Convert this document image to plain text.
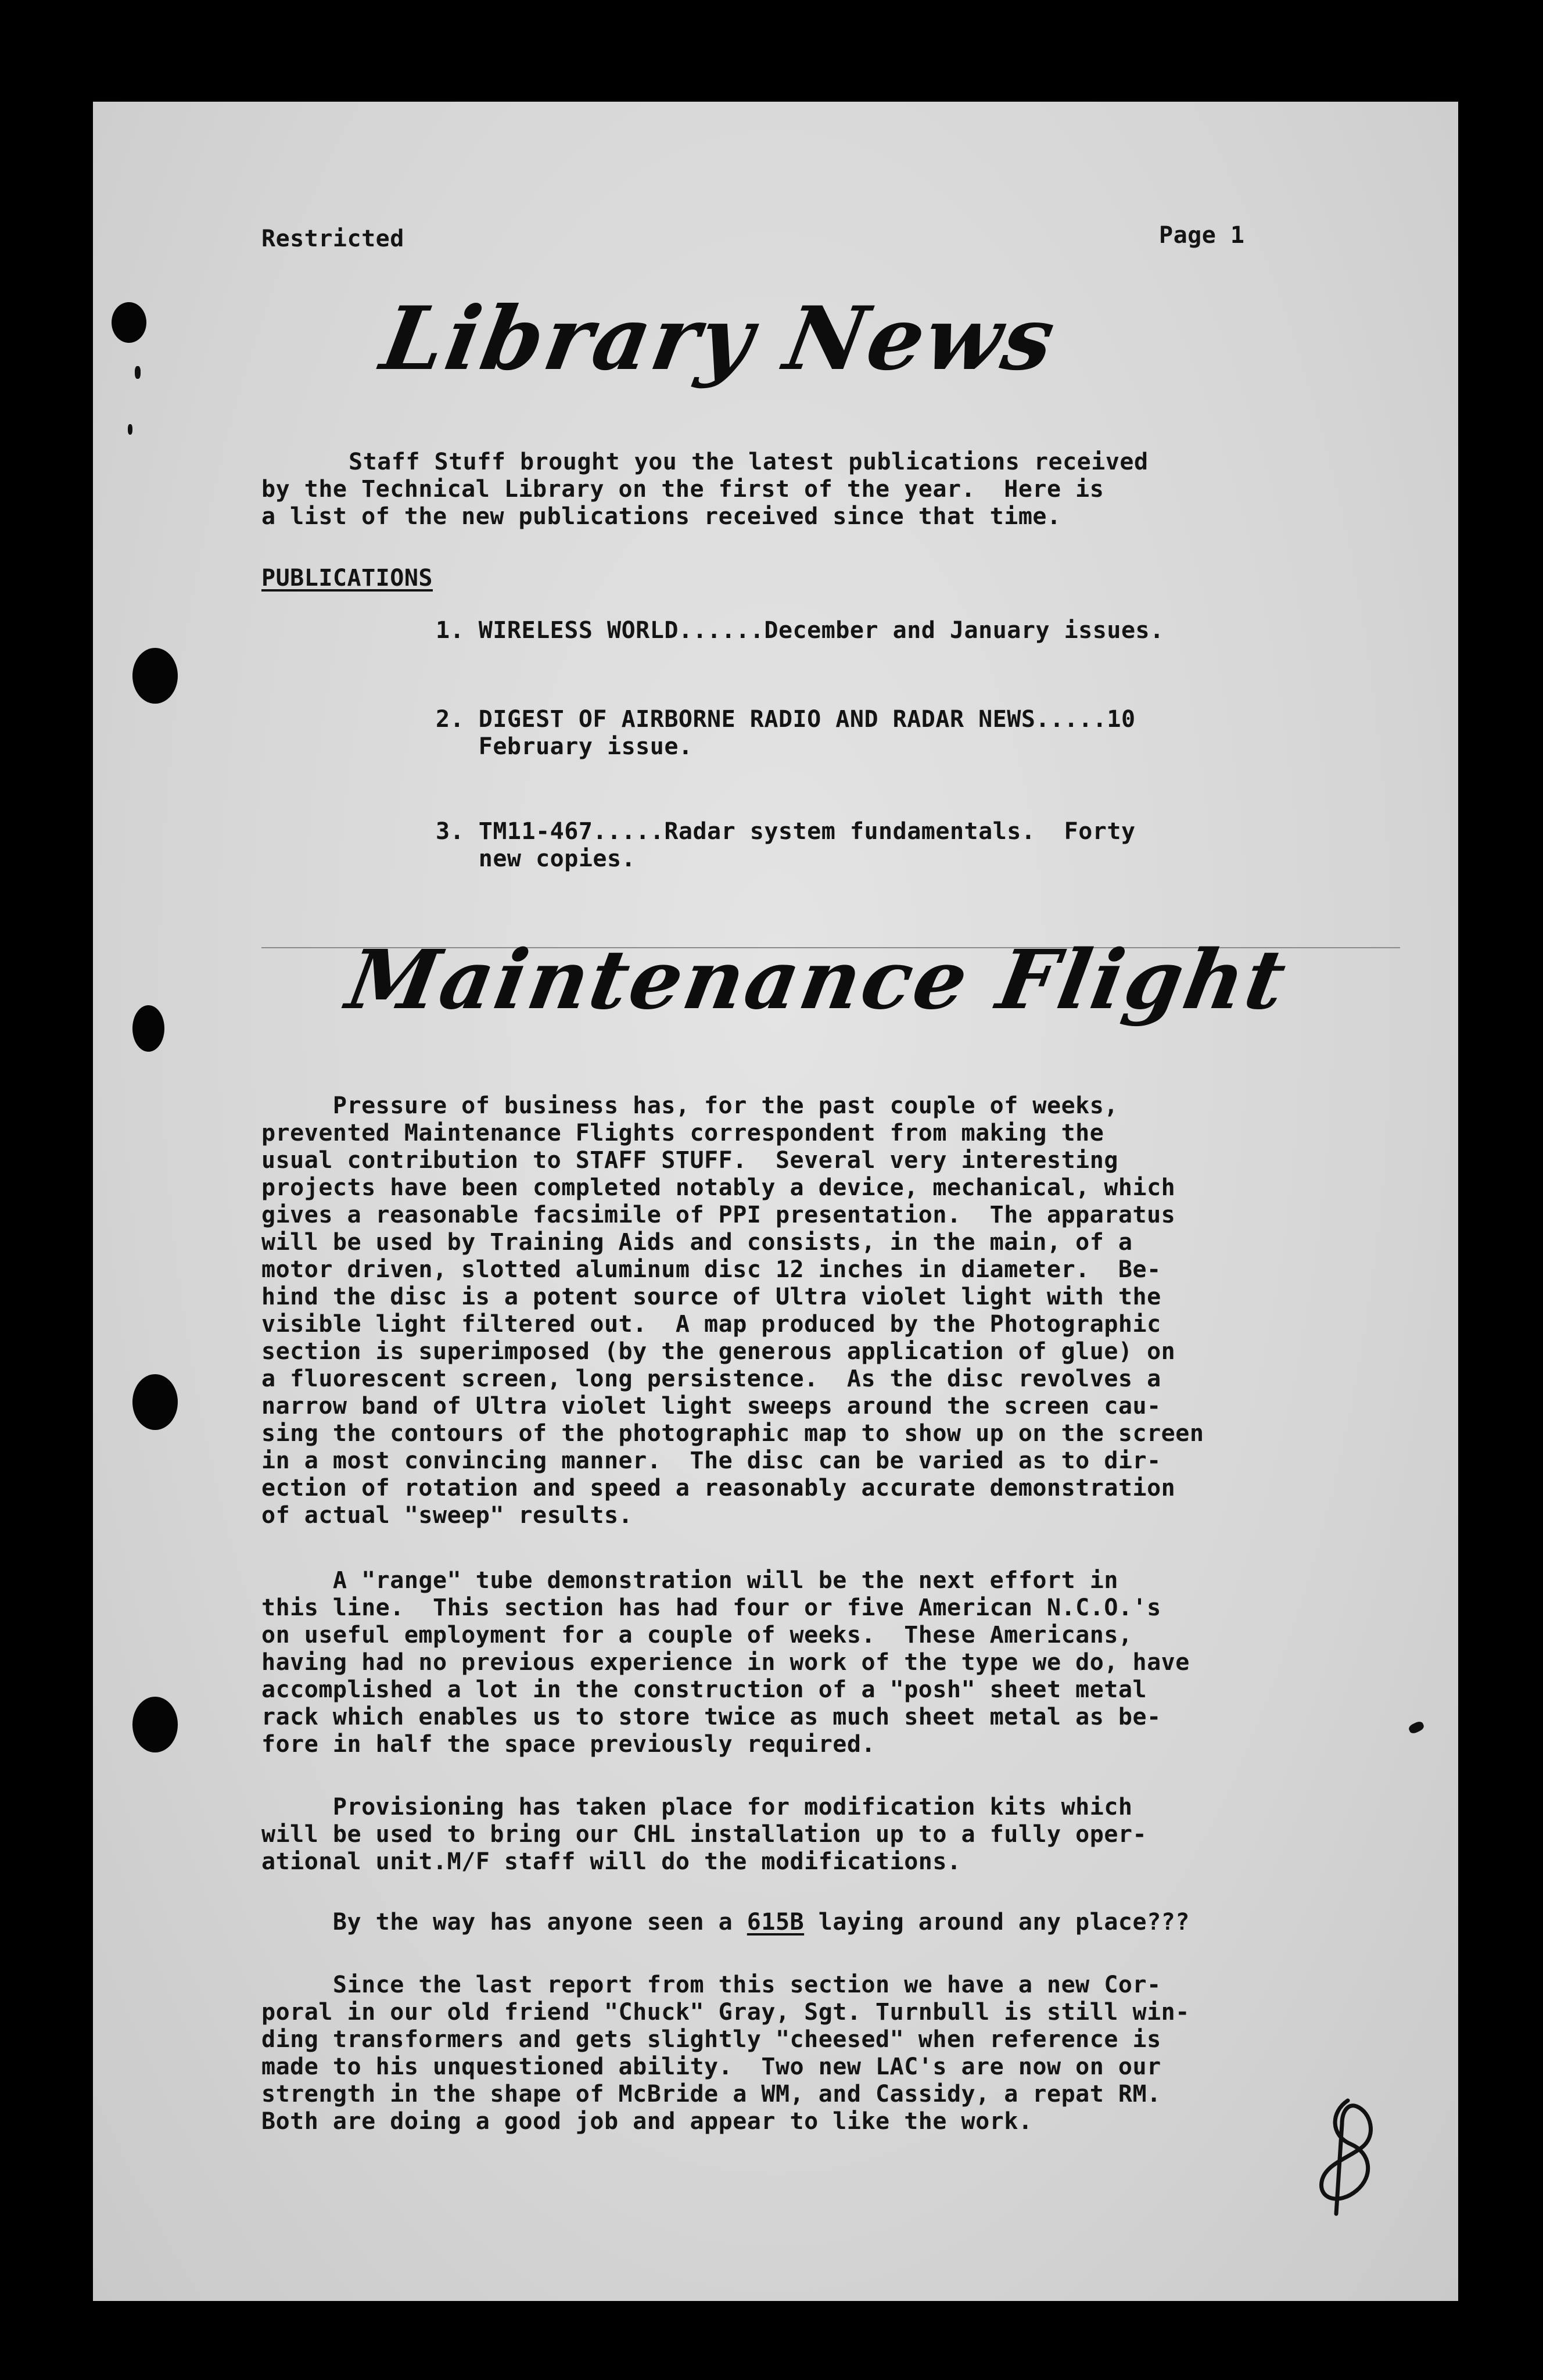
Restricted	Page 1
Library News
Staff Stuff brought you the latest publications received
by the Technical Library on the first of the year.  Here is
a list of the new publications received since that time.
PUBLICATIONS
1. WIRELESS WORLD......December and January issues.
2. DIGEST OF AIRBORNE RADIO AND RADAR NEWS.....10
February issue.
3. TM11-467.....Radar system fundamentals.  Forty
new copies.
Maintenance Flight
Pressure of business has, for the past couple of weeks,
prevented Maintenance Flights correspondent from making the
usual contribution to STAFF STUFF.  Several very interesting
projects have been completed notably a device, mechanical, which
gives a reasonable facsimile of PPI presentation.  The apparatus
will be used by Training Aids and consists, in the main, of a
motor driven, slotted aluminum disc 12 inches in diameter.  Be-
hind the disc is a potent source of Ultra violet light with the
visible light filtered out.  A map produced by the Photographic
section is superimposed (by the generous application of glue) on
a fluorescent screen, long persistence.  As the disc revolves a
narrow band of Ultra violet light sweeps around the screen cau-
sing the contours of the photographic map to show up on the screen
in a most convincing manner.  The disc can be varied as to dir-
ection of rotation and speed a reasonably accurate demonstration
of actual "sweep" results.
A "range" tube demonstration will be the next effort in
this line.  This section has had four or five American N.C.O.'s
on useful employment for a couple of weeks.  These Americans,
having had no previous experience in work of the type we do, have
accomplished a lot in the construction of a "posh" sheet metal
rack which enables us to store twice as much sheet metal as be-
fore in half the space previously required.
Provisioning has taken place for modification kits which
will be used to bring our CHL installation up to a fully oper-
ational unit.M/F staff will do the modifications.
By the way has anyone seen a 615B laying around any place???
Since the last report from this section we have a new Cor-
poral in our old friend "Chuck" Gray, Sgt. Turnbull is still win-
ding transformers and gets slightly "cheesed" when reference is
made to his unquestioned ability.  Two new LAC's are now on our
strength in the shape of McBride a WM, and Cassidy, a repat RM.
Both are doing a good job and appear to like the work.
